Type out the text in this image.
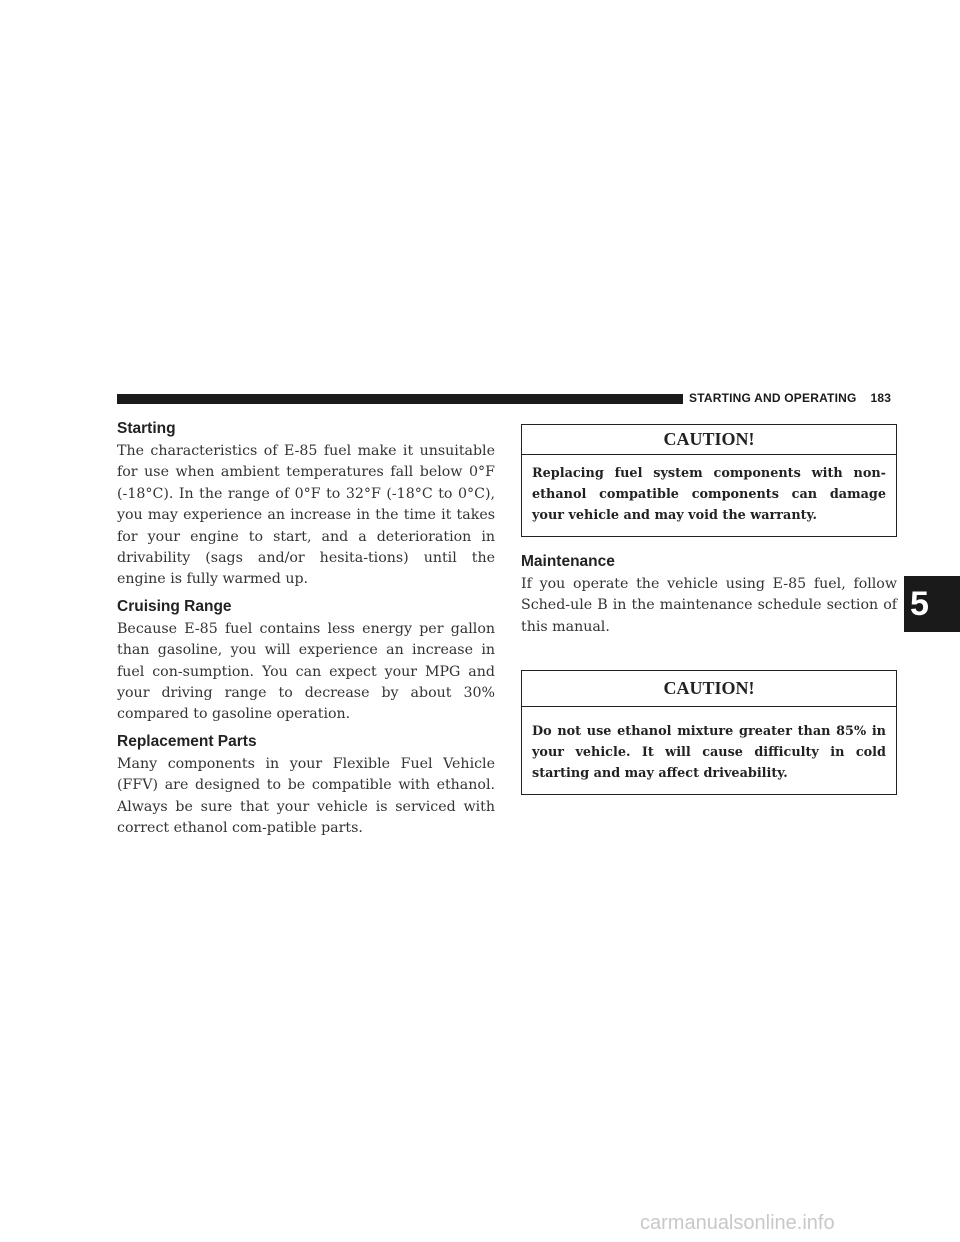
STARTING AND OPERATING 183
5
Starting

The characteristics of E-85 fuel make it unsuitable for use when ambient temperatures fall below 0°F (-18°C). In the range of 0°F to 32°F (-18°C to 0°C), you may experience an increase in the time it takes for your engine to start, and a deterioration in drivability (sags and/or hesita-tions) until the engine is fully warmed up.

Cruising Range

Because E-85 fuel contains less energy per gallon than gasoline, you will experience an increase in fuel con-sumption. You can expect your MPG and your driving range to decrease by about 30% compared to gasoline operation.

Replacement Parts

Many components in your Flexible Fuel Vehicle (FFV) are designed to be compatible with ethanol. Always be sure that your vehicle is serviced with correct ethanol com-patible parts.

CAUTION!
Replacing fuel system components with non-ethanol compatible components can damage your vehicle and may void the warranty.
Maintenance

If you operate the vehicle using E-85 fuel, follow Sched-ule B in the maintenance schedule section of this manual.

CAUTION!
Do not use ethanol mixture greater than 85% in your vehicle. It will cause difficulty in cold starting and may affect driveability.
carmanualsonline.info
